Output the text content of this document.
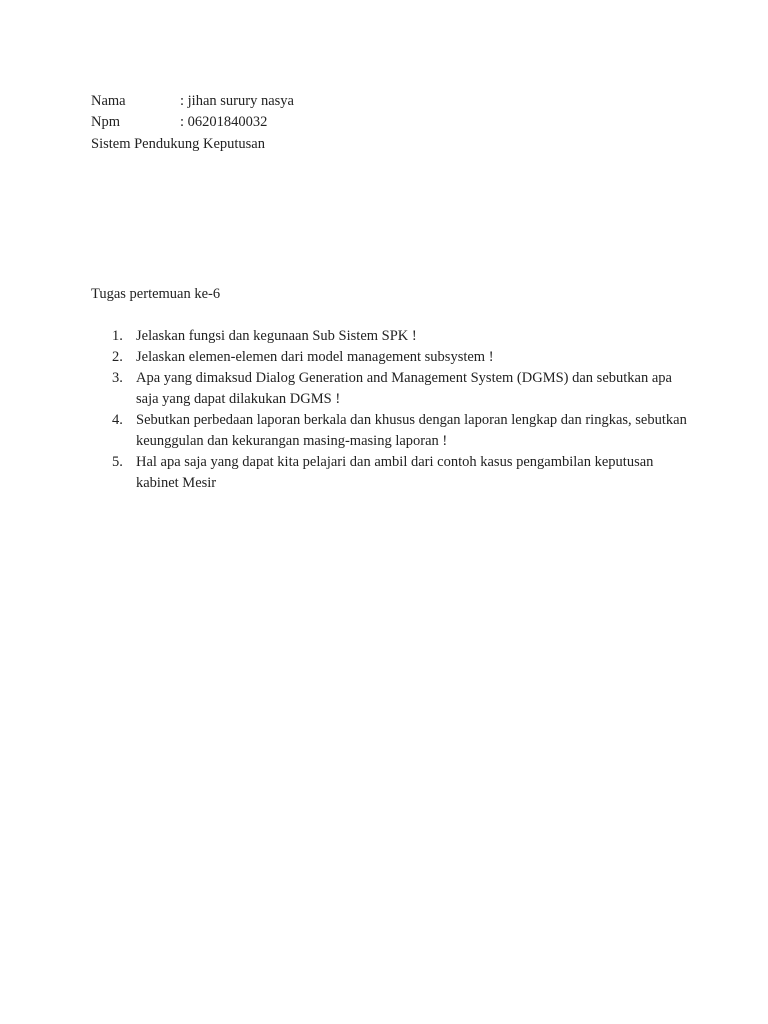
Nama	: jihan surury nasya
Npm	: 06201840032
Sistem Pendukung Keputusan
Tugas pertemuan ke-6
1. Jelaskan fungsi dan kegunaan Sub Sistem SPK !
2. Jelaskan elemen-elemen dari model management subsystem !
3. Apa yang dimaksud Dialog Generation and Management System (DGMS) dan sebutkan apa
saja yang dapat dilakukan DGMS !
4. Sebutkan perbedaan laporan berkala dan khusus dengan laporan lengkap dan ringkas, sebutkan
keunggulan dan kekurangan masing-masing laporan !
5. Hal apa saja yang dapat kita pelajari dan ambil dari contoh kasus pengambilan keputusan
kabinet Mesir
